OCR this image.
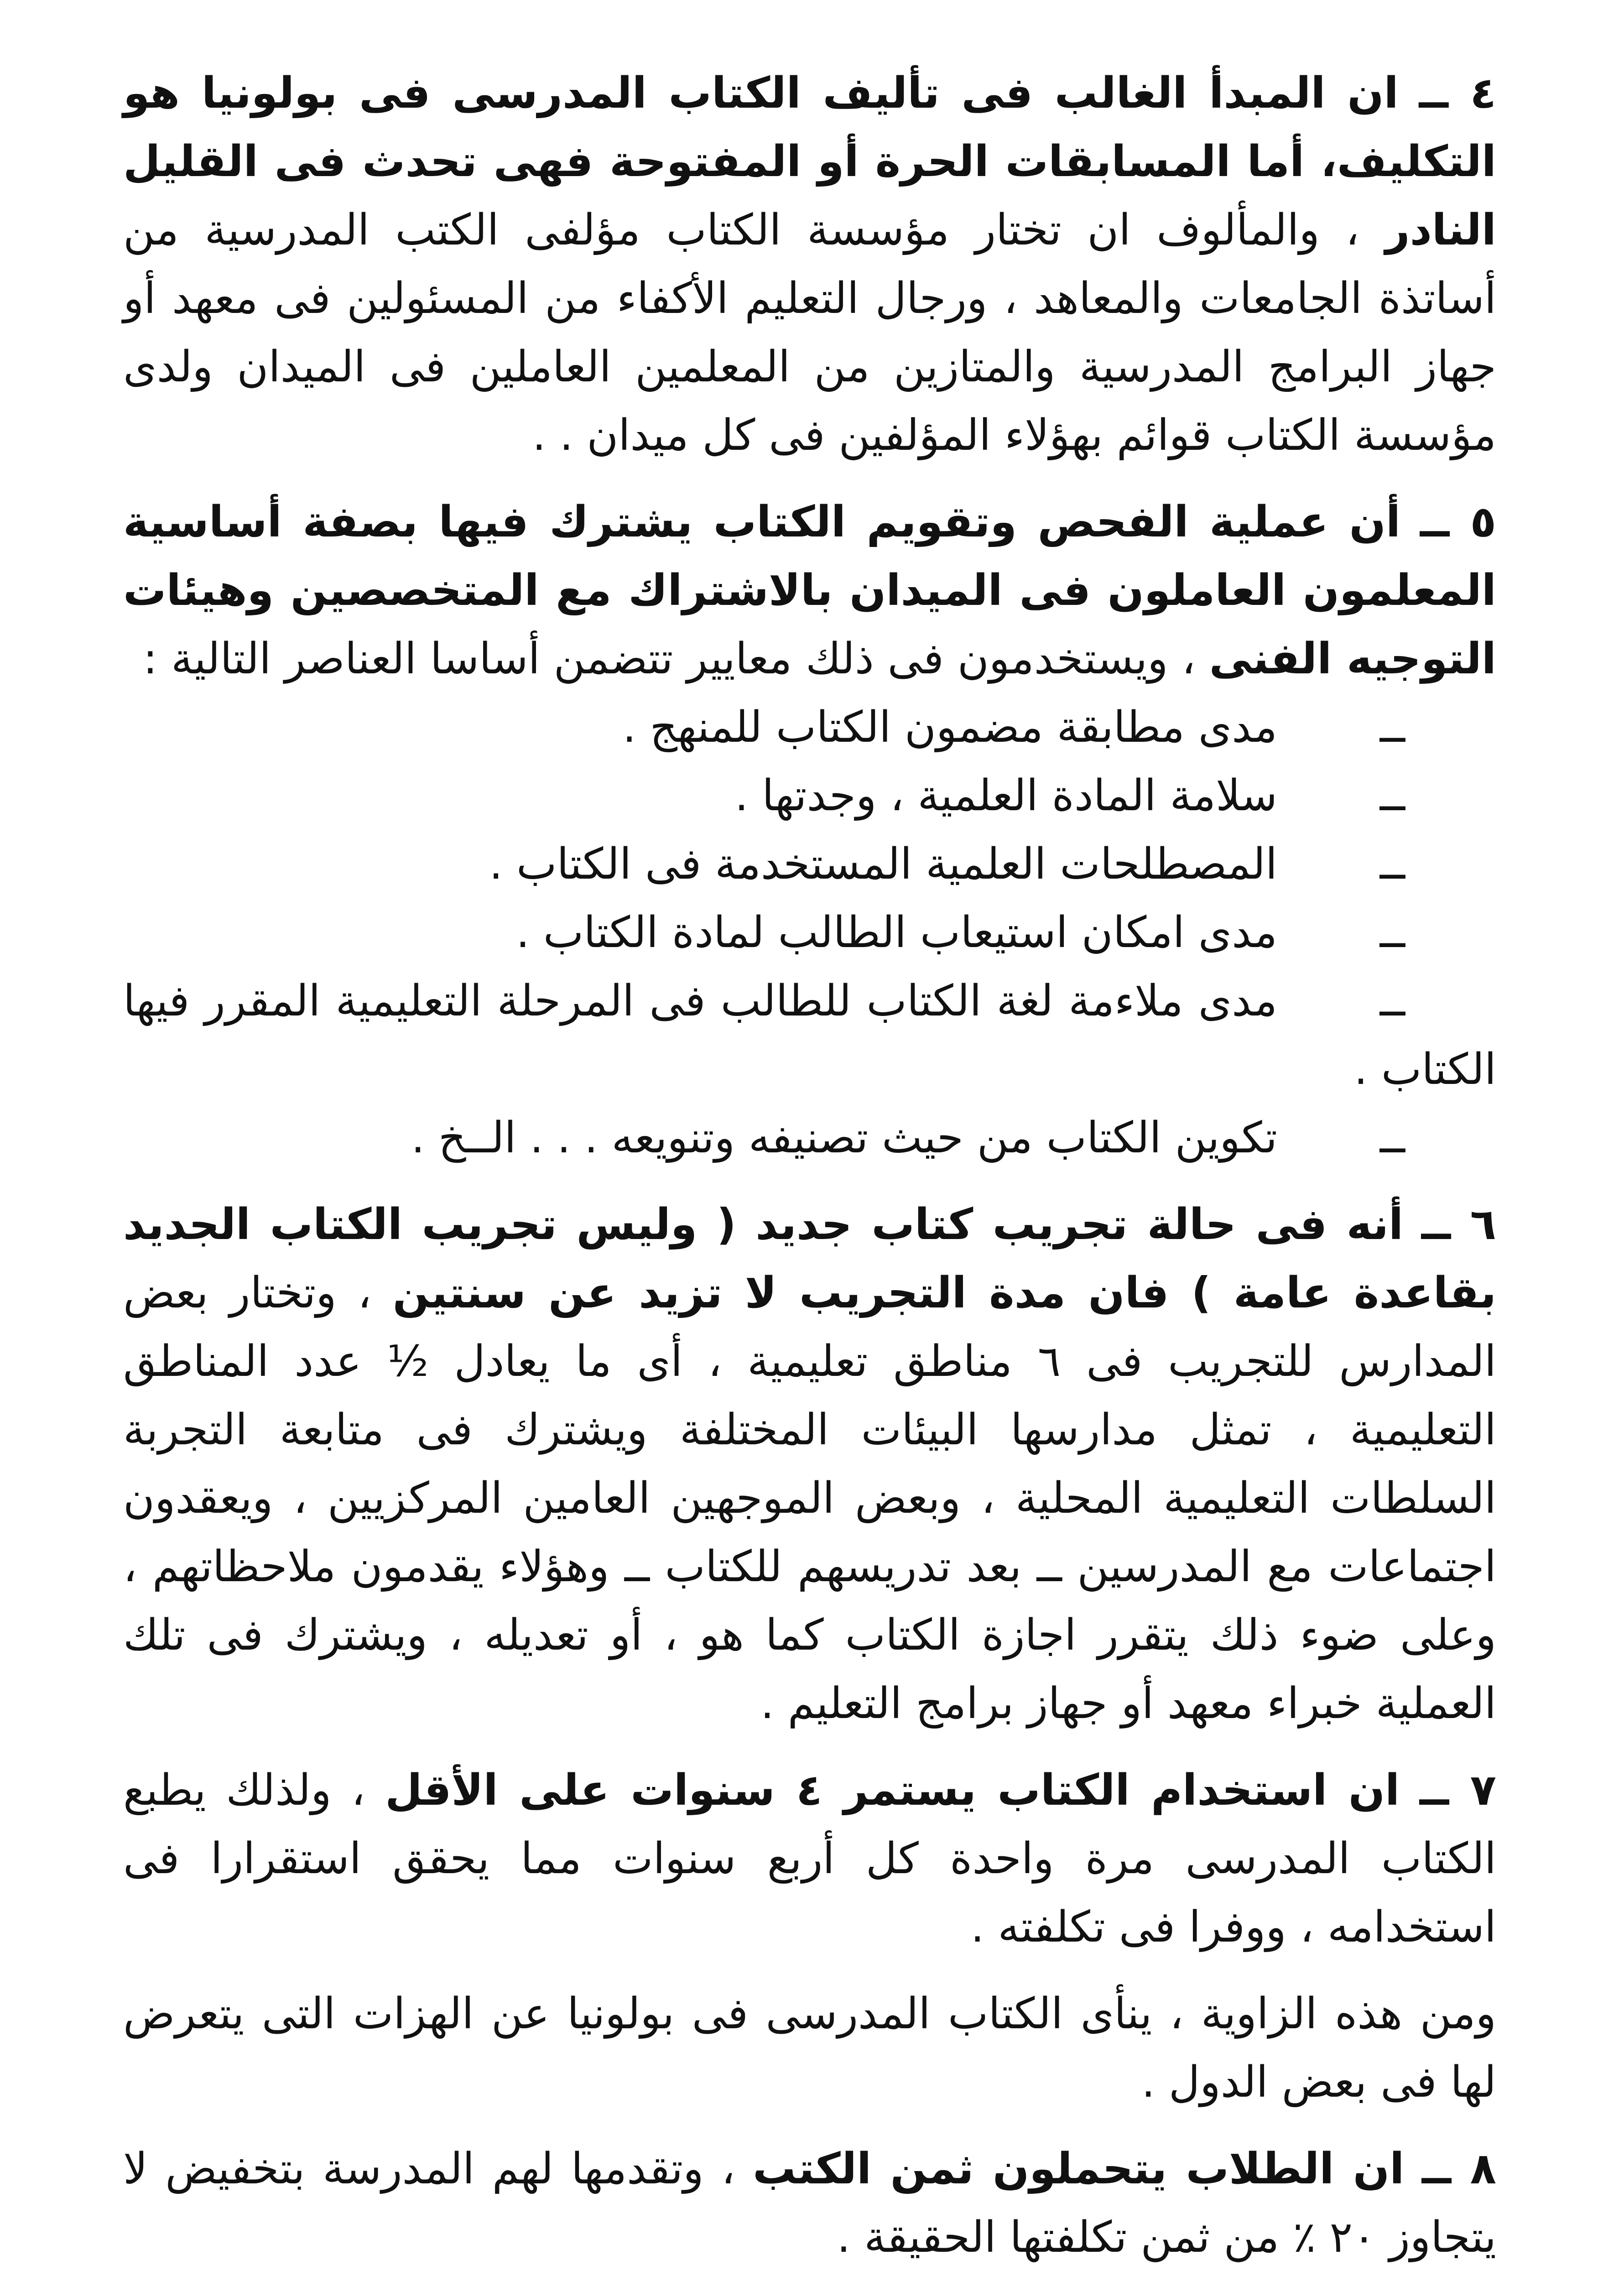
٤ ــ ان المبدأ الغالب فى تأليف الكتاب المدرسى فى بولونيا هو التكليف، أما المسابقات الحرة أو المفتوحة فهى تحدث فى القليل النادر ، والمألوف ان تختار مؤسسة الكتاب مؤلفى الكتب المدرسية من أساتذة الجامعات والمعاهد ، ورجال التعليم الأكفاء من المسئولين فى معهد أو جهاز البرامج المدرسية والمتازين من المعلمين العاملين فى الميدان ولدى مؤسسة الكتاب قوائم بهؤلاء المؤلفين فى كل ميدان . .

٥ ــ أن عملية الفحص وتقويم الكتاب يشترك فيها بصفة أساسية المعلمون العاملون فى الميدان بالاشتراك مع المتخصصين وهيئات التوجيه الفنى ، ويستخدمون فى ذلك معايير تتضمن أساسا العناصر التالية :

ــ
مدى مطابقة مضمون الكتاب للمنهج .
ــ
سلامة المادة العلمية ، وجدتها .
ــ
المصطلحات العلمية المستخدمة فى الكتاب .
ــ
مدى امكان استيعاب الطالب لمادة الكتاب .
ــ
مدى ملاءمة لغة الكتاب للطالب فى المرحلة التعليمية المقرر فيها الكتاب .
ــ
تكوين الكتاب من حيث تصنيفه وتنويعه . . . الــخ .

٦ ــ أنه فى حالة تجريب كتاب جديد ( وليس تجريب الكتاب الجديد بقاعدة عامة ) فان مدة التجريب لا تزيد عن سنتين ، وتختار بعض المدارس للتجريب فى ٦ مناطق تعليمية ، أى ما يعادل ½ عدد المناطق التعليمية ، تمثل مدارسها البيئات المختلفة ويشترك فى متابعة التجربة السلطات التعليمية المحلية ، وبعض الموجهين العامين المركزيين ، ويعقدون اجتماعات مع المدرسين ــ بعد تدريسهم للكتاب ــ وهؤلاء يقدمون ملاحظاتهم ، وعلى ضوء ذلك يتقرر اجازة الكتاب كما هو ، أو تعديله ، ويشترك فى تلك العملية خبراء معهد أو جهاز برامج التعليم .

٧ ــ ان استخدام الكتاب يستمر ٤ سنوات على الأقل ، ولذلك يطبع الكتاب المدرسى مرة واحدة كل أربع سنوات مما يحقق استقرارا فى استخدامه ، ووفرا فى تكلفته .

ومن هذه الزاوية ، ينأى الكتاب المدرسى فى بولونيا عن الهزات التى يتعرض لها فى بعض الدول .

٨ ــ ان الطلاب يتحملون ثمن الكتب ، وتقدمها لهم المدرسة بتخفيض لا يتجاوز ٢٠ ٪ من ثمن تكلفتها الحقيقة .
